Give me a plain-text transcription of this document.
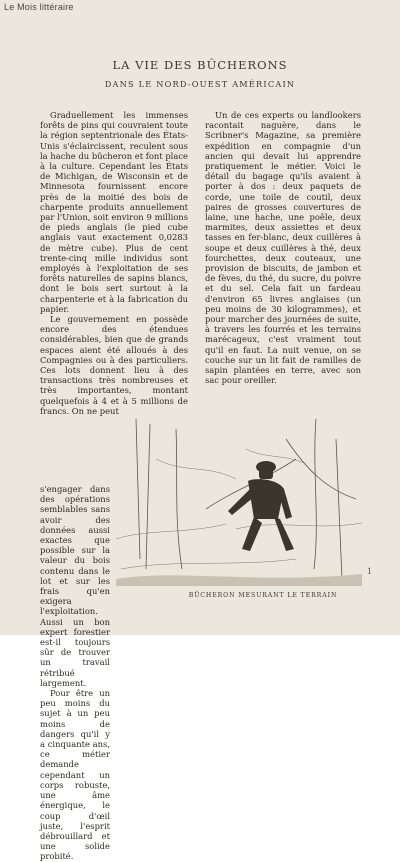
Le Mois littéraire
LA VIE DES BÛCHERONS
DANS LE NORD-OUEST AMÉRICAIN

Graduellement les immenses forêts de pins qui couvraient toute la région septentrionale des États-Unis s'éclaircissent, reculent sous la hache du bûcheron et font place à la culture. Cependant les États de Michigan, de Wisconsin et de Minnesota fournissent encore près de la moitié des bois de charpente produits annuellement par l'Union, soit environ 9 millions de pieds anglais (le pied cube anglais vaut exactement 0,0283 de mètre cube). Plus de cent trente-cinq mille individus sont employés à l'exploitation de ses forêts naturelles de sapins blancs, dont le bois sert surtout à la charpenterie et à la fabrication du papier.

Le gouvernement en possède encore des étendues considérables, bien que de grands espaces aient été alloués à des Compagnies ou à des particuliers. Ces lots donnent lieu à des transactions très nombreuses et très importantes, montant quelquefois à 4 et à 5 millions de francs. On ne peut

s'engager dans des opérations semblables sans avoir des données aussi exactes que possible sur la valeur du bois contenu dans le lot et sur les frais qu'en exigera l'exploitation. Aussi un bon expert forestier est-il toujours sûr de trouver un travail rétribué largement.

Pour être un peu moins du sujet à un peu moins de dangers qu'il y a cinquante ans, ce métier demande cependant un corps robuste, une âme énergique, le coup d'œil juste, l'esprit débrouillard et une solide probité.

Un de ces experts ou landlookers racontait naguère, dans le Scribner's Magazine, sa première expédition en compagnie d'un ancien qui devait lui apprendre pratiquement le métier. Voici le détail du bagage qu'ils avaient à porter à dos : deux paquets de corde, une toile de coutil, deux paires de grosses couvertures de laine, une hache, une poêle, deux marmites, deux assiettes et deux tasses en fer-blanc, deux cuillères à soupe et deux cuillères à thé, deux fourchettes, deux couteaux, une provision de biscuits, de jambon et de fèves, du thé, du sucre, du poivre et du sel. Cela fait un fardeau d'environ 65 livres anglaises (un peu moins de 30 kilogrammes), et pour marcher des journées de suite, à travers les fourrés et les terrains marécageux, c'est vraiment tout qu'il en faut. La nuit venue, on se couche sur un lit fait de ramilles de sapin plantées en terre, avec son sac pour oreiller.

BÛCHERON MESURANT LE TERRAIN
1
